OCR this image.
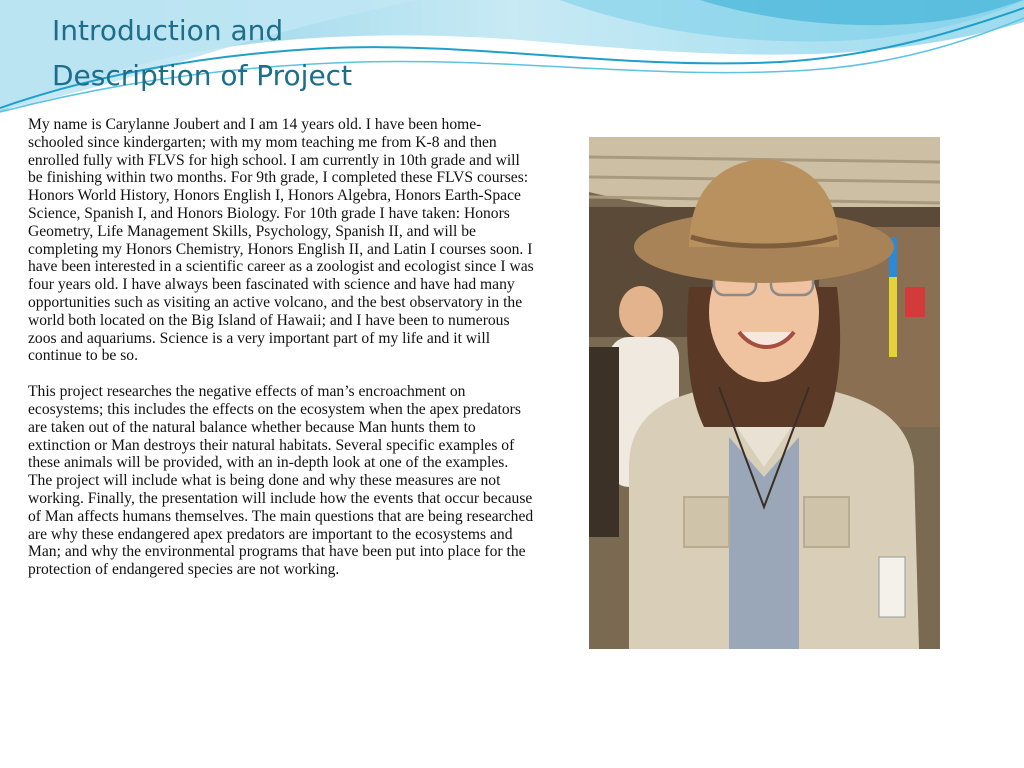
Introduction and
Description of Project

My name is Carylanne Joubert and I am 14 years old. I have been home-schooled since kindergarten; with my mom teaching me from K-8 and then enrolled fully with FLVS for high school. I am currently in 10th grade and will be finishing within two months. For 9th grade, I completed these FLVS courses: Honors World History, Honors English I, Honors Algebra, Honors Earth-Space Science, Spanish I, and Honors Biology. For 10th grade I have taken: Honors Geometry, Life Management Skills, Psychology, Spanish II, and will be completing my Honors Chemistry, Honors English II, and Latin I courses soon. I have been interested in a scientific career as a zoologist and ecologist since I was four years old. I have always been fascinated with science and have had many opportunities such as visiting an active volcano, and the best observatory in the world both located on the Big Island of Hawaii; and I have been to numerous zoos and aquariums. Science is a very important part of my life and it will continue to be so.

This project researches the negative effects of man’s encroachment on ecosystems; this includes the effects on the ecosystem when the apex predators are taken out of the natural balance whether because Man hunts them to extinction or Man destroys their natural habitats. Several specific examples of these animals will be provided, with an in-depth look at one of the examples. The project will include what is being done and why these measures are not working. Finally, the presentation will include how the events that occur because of Man affects humans themselves. The main questions that are being researched are why these endangered apex predators are important to the ecosystems and Man; and why the environmental programs that have been put into place for the protection of endangered species are not working.
